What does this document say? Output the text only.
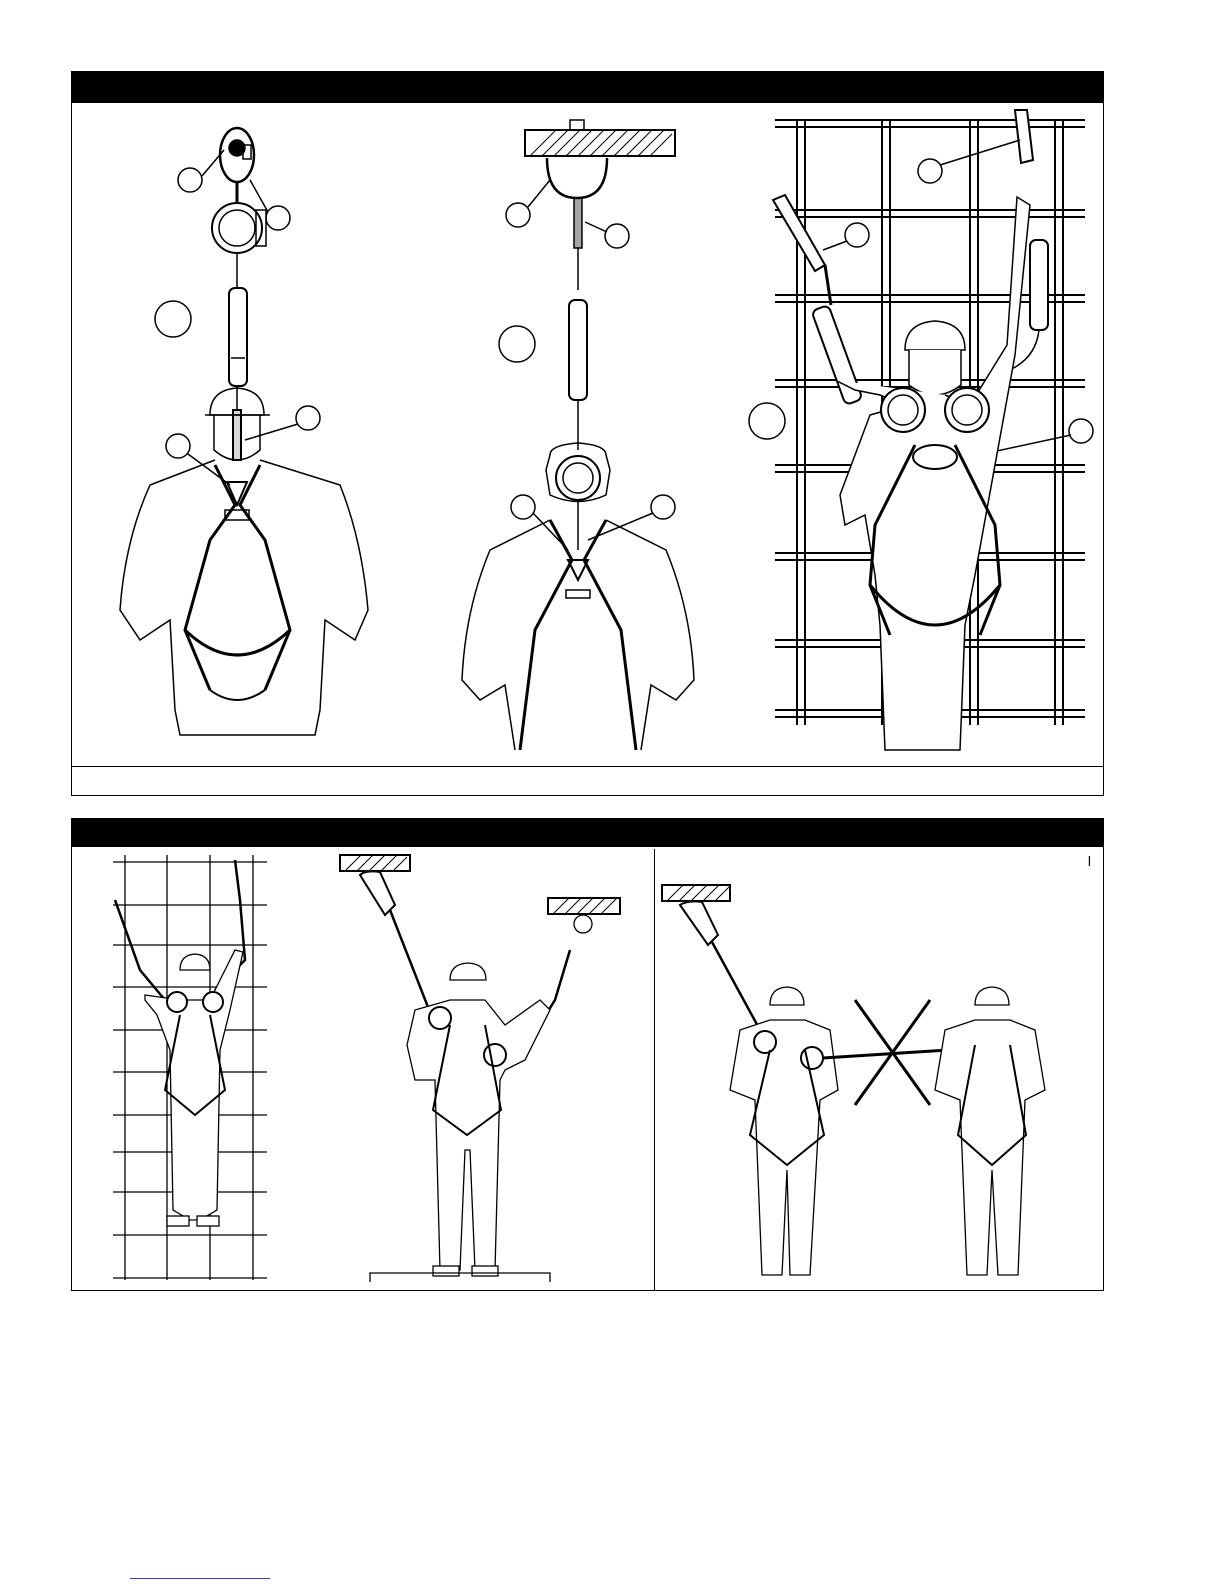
l
